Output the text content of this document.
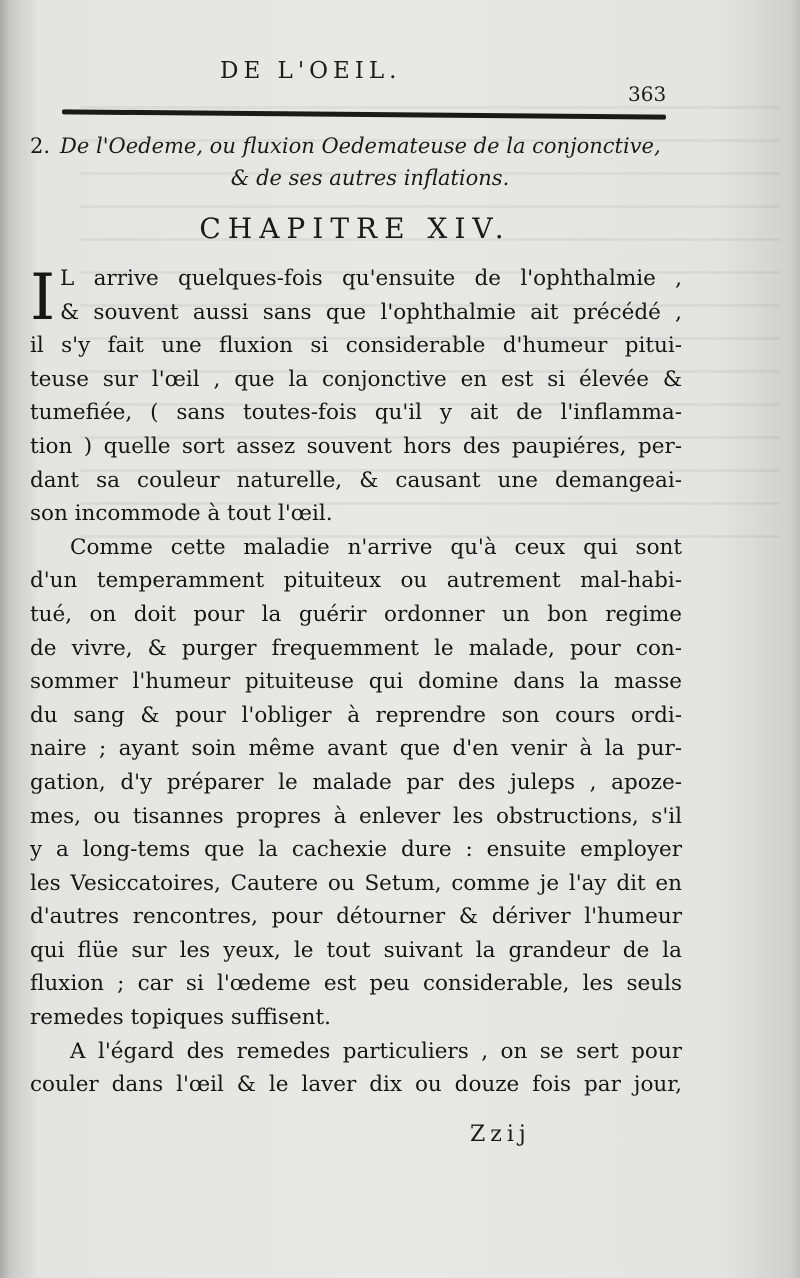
DE L'OEIL.
363
2. De l'Oedeme, ou fluxion Oedemateuse de la conjonctive,
& de ses autres inflations.
CHAPITRE XIV.
I L arrive quelques-fois qu'ensuite de l'ophthalmie ,
& souvent aussi sans que l'ophthalmie ait précédé ,
il s'y fait une fluxion si considerable d'humeur pitui-
teuse sur l'œil , que la conjonctive en est si élevée &
tumefiée, ( sans toutes-fois qu'il y ait de l'inflamma-
tion ) quelle sort assez souvent hors des paupiéres, per-
dant sa couleur naturelle, & causant une demangeai-
son incommode à tout l'œil.
Comme cette maladie n'arrive qu'à ceux qui sont
d'un temperamment pituiteux ou autrement mal-habi-
tué, on doit pour la guérir ordonner un bon regime
de vivre, & purger frequemment le malade, pour con-
sommer l'humeur pituiteuse qui domine dans la masse
du sang & pour l'obliger à reprendre son cours ordi-
naire ; ayant soin même avant que d'en venir à la pur-
gation, d'y préparer le malade par des juleps , apoze-
mes, ou tisannes propres à enlever les obstructions, s'il
y a long-tems que la cachexie dure : ensuite employer
les Vesiccatoires, Cautere ou Setum, comme je l'ay dit en
d'autres rencontres, pour détourner & dériver l'humeur
qui flüe sur les yeux, le tout suivant la grandeur de la
fluxion ; car si l'œdeme est peu considerable, les seuls
remedes topiques suffisent.
A l'égard des remedes particuliers , on se sert pour
couler dans l'œil & le laver dix ou douze fois par jour,
Zzij
